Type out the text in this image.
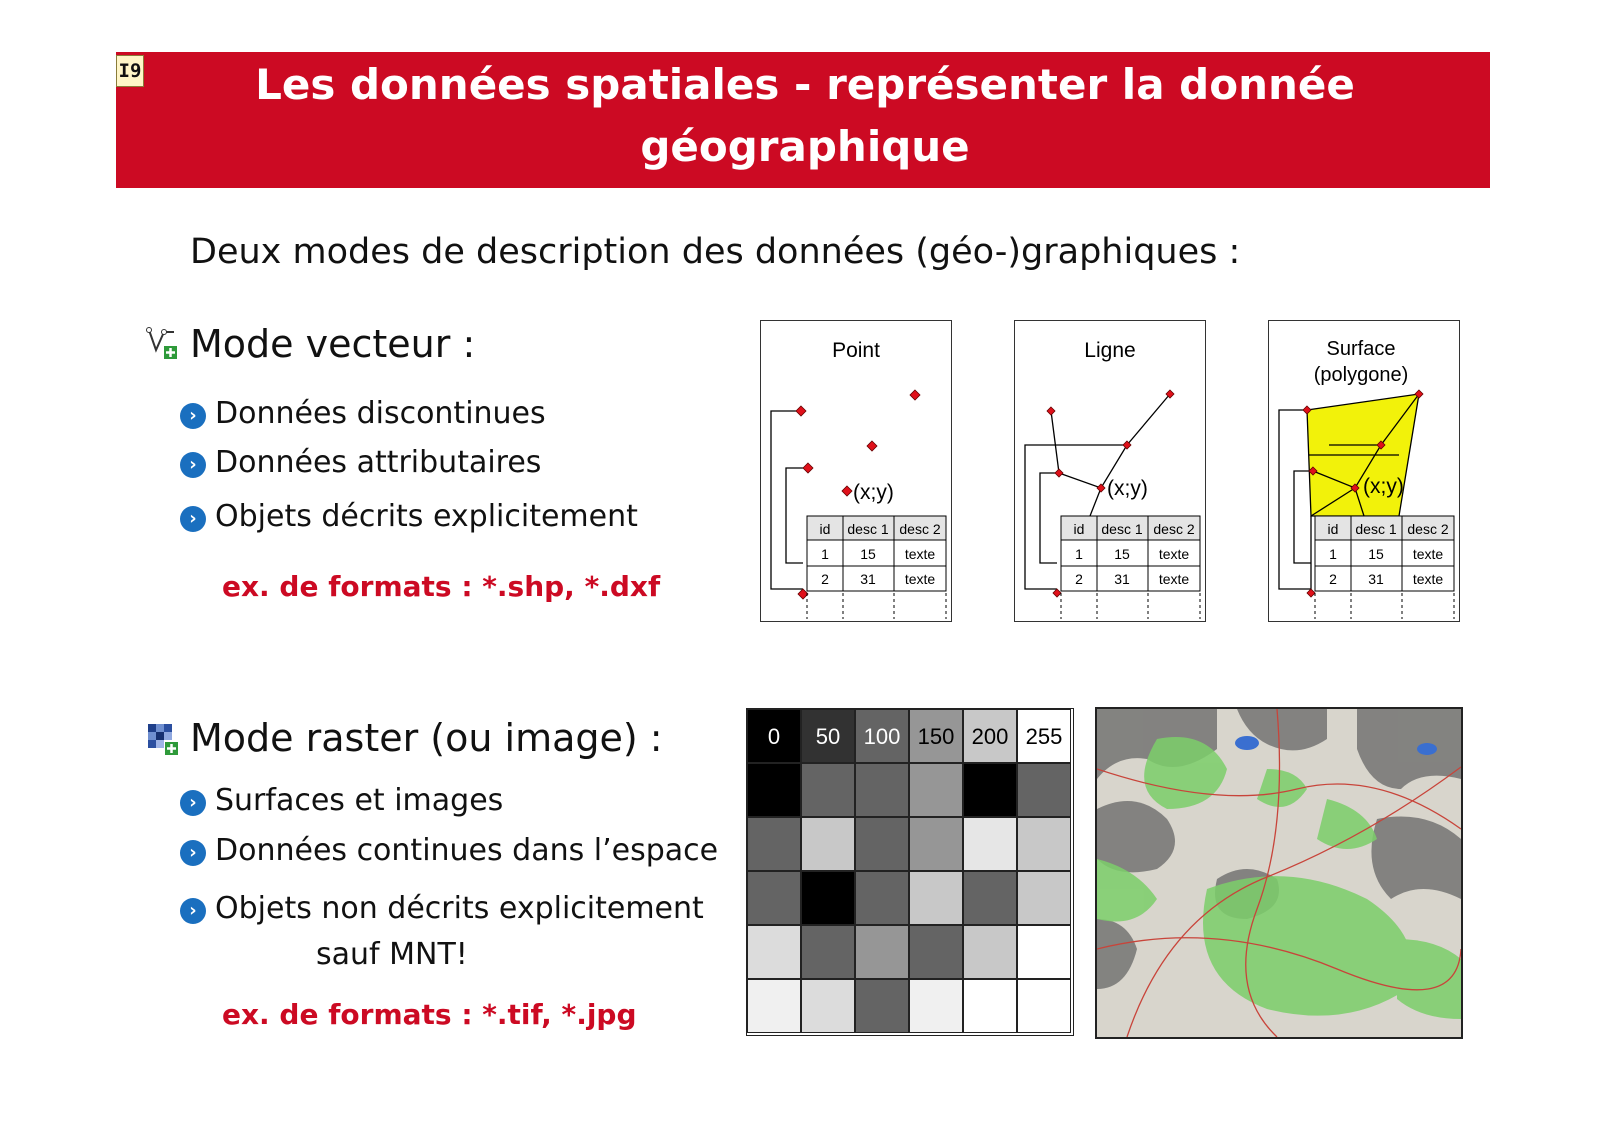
I9	Les données spatiales - représenter la donnée
géographique
Deux modes de description des données (géo-)graphiques :
Mode vecteur :
› Données discontinues
› Données attributaires
› Objets décrits explicitement
ex. de formats : *.shp, *.dxf
Point
(x;y)
id desc 1 desc 2
1 15 texte
2 31 texte
Ligne
(x;y)
id desc 1 desc 2
1 15 texte
2 31 texte
Surface
(polygone)
(x;y)
id desc 1 desc 2
1 15 texte
2 31 texte
Mode raster (ou image) :
› Surfaces et images
› Données continues dans l’espace
› Objets non décrits explicitement
sauf MNT!
ex. de formats : *.tif, *.jpg
0	50	100 150 200 255
